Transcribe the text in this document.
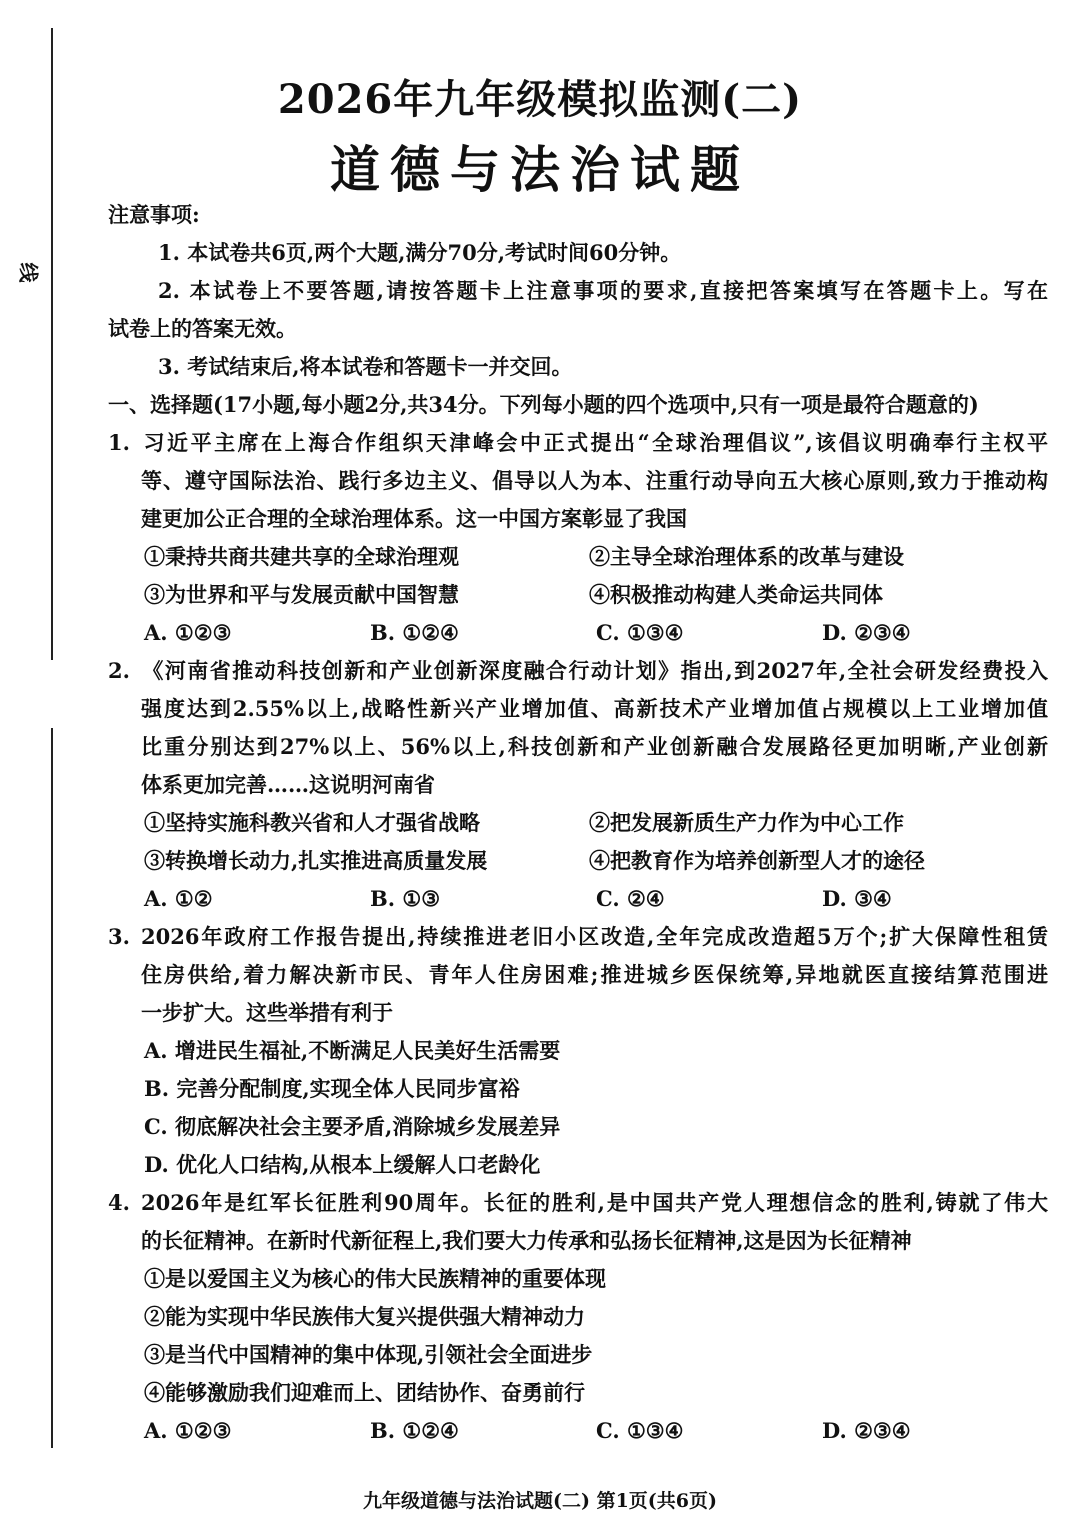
线
2026年九年级模拟监测(二)
道德与法治试题
注意事项:
1. 本试卷共6页,两个大题,满分70分,考试时间60分钟。
2. 本试卷上不要答题,请按答题卡上注意事项的要求,直接把答案填写在答题卡上。写在
试卷上的答案无效。
3. 考试结束后,将本试卷和答题卡一并交回。
一、选择题(17小题,每小题2分,共34分。下列每小题的四个选项中,只有一项是最符合题意的)
1. 习近平主席在上海合作组织天津峰会中正式提出“全球治理倡议”,该倡议明确奉行主权平
等、遵守国际法治、践行多边主义、倡导以人为本、注重行动导向五大核心原则,致力于推动构
建更加公正合理的全球治理体系。这一中国方案彰显了我国
①秉持共商共建共享的全球治理观	②主导全球治理体系的改革与建设
③为世界和平与发展贡献中国智慧	④积极推动构建人类命运共同体
A. ①②③	B. ①②④	C. ①③④	D. ②③④
2. 《河南省推动科技创新和产业创新深度融合行动计划》指出,到2027年,全社会研发经费投入
强度达到2.55%以上,战略性新兴产业增加值、高新技术产业增加值占规模以上工业增加值
比重分别达到27%以上、56%以上,科技创新和产业创新融合发展路径更加明晰,产业创新
体系更加完善……这说明河南省
①坚持实施科教兴省和人才强省战略	②把发展新质生产力作为中心工作
③转换增长动力,扎实推进高质量发展	④把教育作为培养创新型人才的途径
A. ①②	B. ①③	C. ②④	D. ③④
3. 2026年政府工作报告提出,持续推进老旧小区改造,全年完成改造超5万个;扩大保障性租赁
住房供给,着力解决新市民、青年人住房困难;推进城乡医保统筹,异地就医直接结算范围进
一步扩大。这些举措有利于
A. 增进民生福祉,不断满足人民美好生活需要
B. 完善分配制度,实现全体人民同步富裕
C. 彻底解决社会主要矛盾,消除城乡发展差异
D. 优化人口结构,从根本上缓解人口老龄化
4. 2026年是红军长征胜利90周年。长征的胜利,是中国共产党人理想信念的胜利,铸就了伟大
的长征精神。在新时代新征程上,我们要大力传承和弘扬长征精神,这是因为长征精神
①是以爱国主义为核心的伟大民族精神的重要体现
②能为实现中华民族伟大复兴提供强大精神动力
③是当代中国精神的集中体现,引领社会全面进步
④能够激励我们迎难而上、团结协作、奋勇前行
A. ①②③	B. ①②④	C. ①③④	D. ②③④
九年级道德与法治试题(二) 第1页(共6页)
